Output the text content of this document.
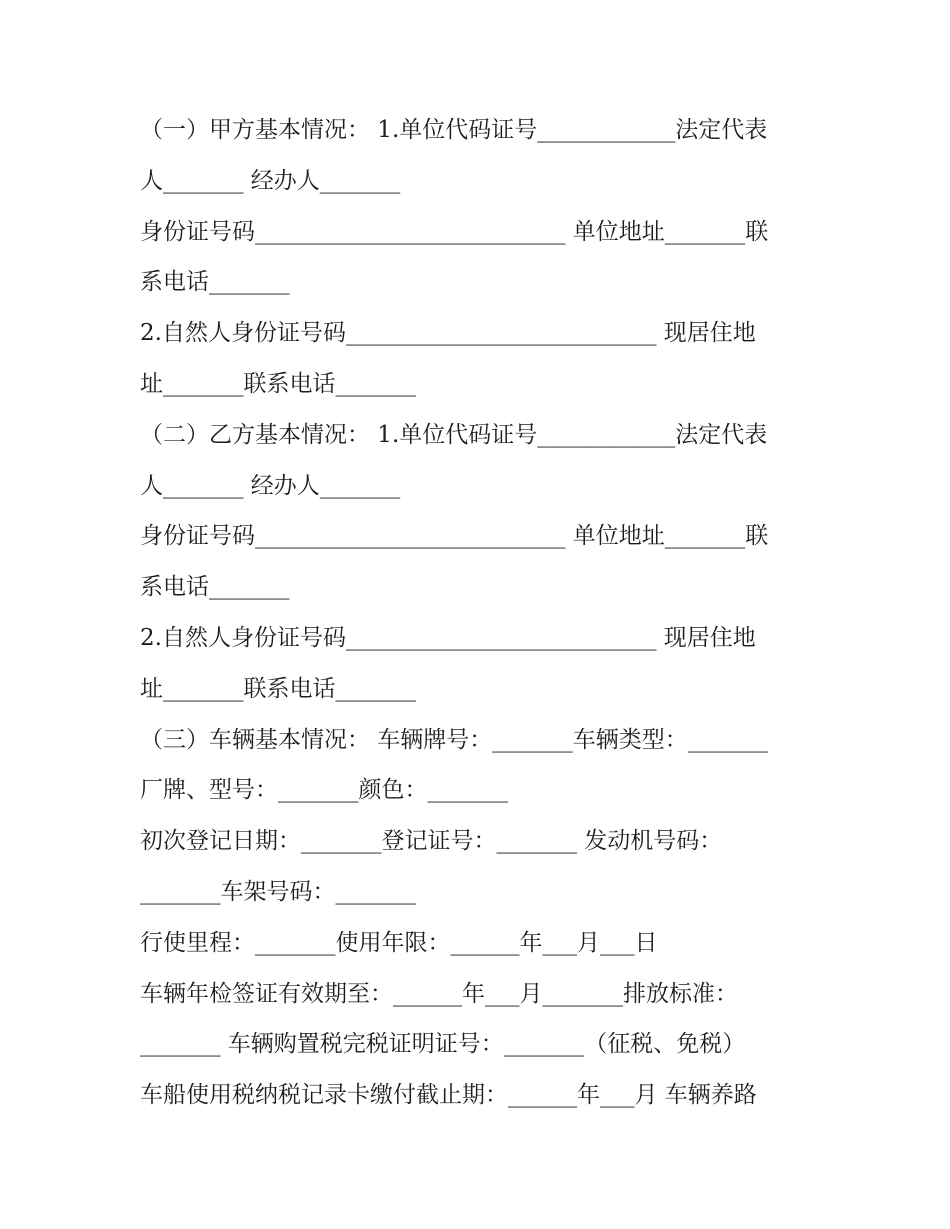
（一）甲方基本情况： 1.单位代码证号____________法定代表
人_______ 经办人_______
身份证号码___________________________ 单位地址_______联
系电话_______
2.自然人身份证号码___________________________ 现居住地
址_______联系电话_______
（二）乙方基本情况： 1.单位代码证号____________法定代表
人_______ 经办人_______
身份证号码___________________________ 单位地址_______联
系电话_______
2.自然人身份证号码___________________________ 现居住地
址_______联系电话_______
（三）车辆基本情况： 车辆牌号：_______车辆类型：_______
厂牌、型号：_______颜色：_______
初次登记日期：_______登记证号：_______ 发动机号码：
_______车架号码：_______
行使里程：_______使用年限：______年___月___日
车辆年检签证有效期至：______年___月_______排放标准：
_______ 车辆购置税完税证明证号：_______（征税、免税）
车船使用税纳税记录卡缴付截止期：______年___月 车辆养路
